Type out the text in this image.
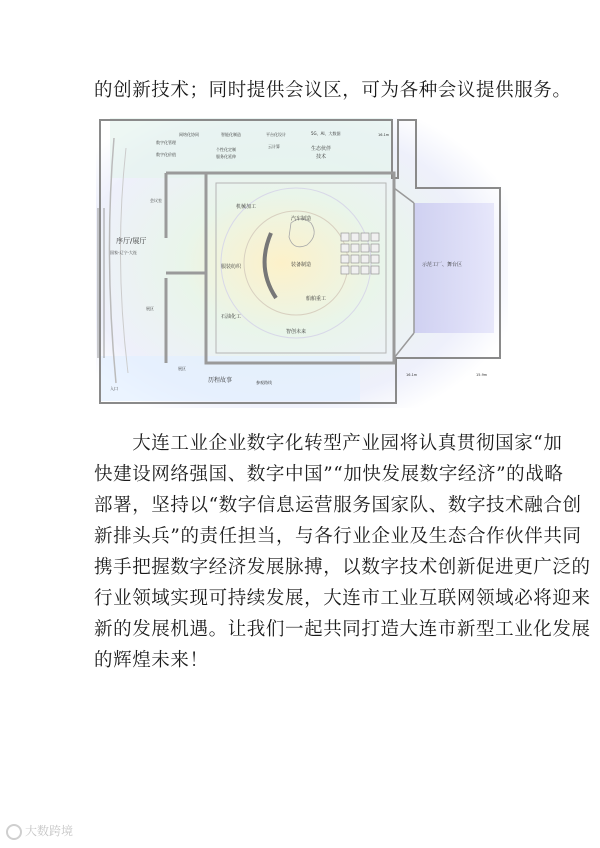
的创新技术；同时提供会议区，可为各种会议提供服务。
数字化管理
数字化价值
网络化协同	智能化制造
个性化定制
服务化延伸
平台化设计
云计算
5G、AI、大数据
生态伙伴
技术
序厅/展厅
国家-辽宁-大连
会议室
展区
机械加工
汽车制造
服装纺织	装备制造
船舶重工
石油化工
智创未来
示范工厂、舞台区
历程故事
展区
入口
参观路线
16.1m
16.1m	15.9m
　　大连工业企业数字化转型产业园将认真贯彻国家“加
快建设网络强国、数字中国”“加快发展数字经济”的战略
部署，坚持以“数字信息运营服务国家队、数字技术融合创
新排头兵”的责任担当，与各行业企业及生态合作伙伴共同
携手把握数字经济发展脉搏，以数字技术创新促进更广泛的
行业领域实现可持续发展，大连市工业互联网领域必将迎来
新的发展机遇。让我们一起共同打造大连市新型工业化发展
的辉煌未来！
大数跨境
